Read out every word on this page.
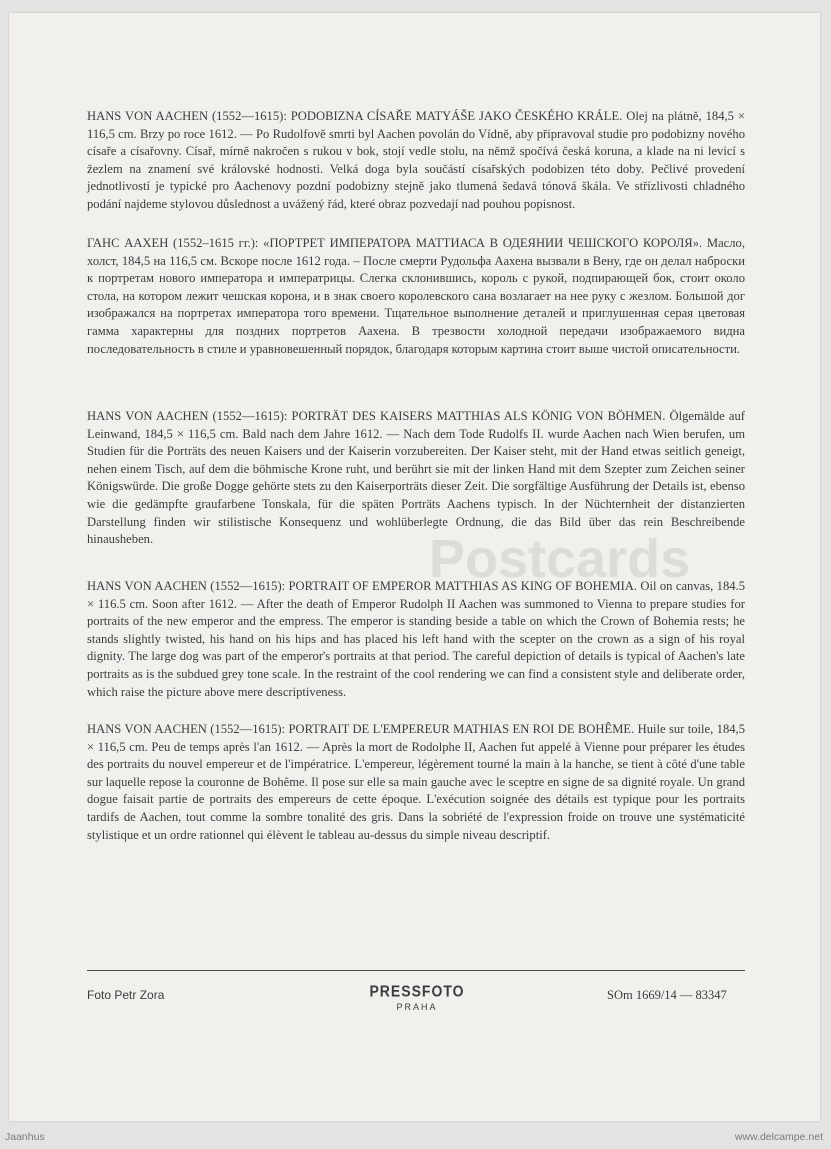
HANS VON AACHEN (1552—1615): PODOBIZNA CÍSAŘE MATYÁŠE JAKO ČESKÉHO KRÁLE. Olej na plátně, 184,5 × 116,5 cm. Brzy po roce 1612. — Po Rudolfově smrti byl Aachen povolán do Vídně, aby připravoval studie pro podobizny nového císaře a císařovny. Císař, mírně nakročen s rukou v bok, stojí vedle stolu, na němž spočívá česká koruna, a klade na ni levicí s žezlem na znamení své královské hodnosti. Velká doga byla součástí císařských podobizen této doby. Pečlivé provedení jednotlivostí je typické pro Aachenovy pozdní podobizny stejně jako tlumená šedavá tónová škála. Ve střízlivosti chladného podání najdeme stylovou důslednost a uvážený řád, které obraz pozvedají nad pouhou popisnost.

ГАНС ААХЕН (1552–1615 гг.): «ПОРТРЕТ ИМПЕРАТОРА МАТТИАСА В ОДЕЯНИИ ЧЕШСКОГО КОРОЛЯ». Масло, холст, 184,5 на 116,5 см. Вскоре после 1612 года. – После смерти Рудольфа Аахена вызвали в Вену, где он делал наброски к портретам нового императора и императрицы. Слегка склонившись, король с рукой, подпирающей бок, стоит около стола, на котором лежит чешская корона, и в знак своего королевского сана возлагает на нее руку с жезлом. Большой дог изображался на портретах императора того времени. Тщательное выполнение деталей и приглушенная серая цветовая гамма характерны для поздних портретов Аахена. В трезвости холодной передачи изображаемого видна последовательность в стиле и уравновешенный порядок, благодаря которым картина стоит выше чистой описательности.

HANS VON AACHEN (1552—1615): PORTRÄT DES KAISERS MATTHIAS ALS KÖNIG VON BÖHMEN. Ölgemälde auf Leinwand, 184,5 × 116,5 cm. Bald nach dem Jahre 1612. — Nach dem Tode Rudolfs II. wurde Aachen nach Wien berufen, um Studien für die Porträts des neuen Kaisers und der Kaiserin vorzubereiten. Der Kaiser steht, mit der Hand etwas seitlich geneigt, nehen einem Tisch, auf dem die böhmische Krone ruht, und berührt sie mit der linken Hand mit dem Szepter zum Zeichen seiner Königswürde. Die große Dogge gehörte stets zu den Kaiserporträts dieser Zeit. Die sorgfältige Ausführung der Details ist, ebenso wie die gedämpfte graufarbene Tonskala, für die späten Porträts Aachens typisch. In der Nüchternheit der distanzierten Darstellung finden wir stilistische Konsequenz und wohlüberlegte Ordnung, die das Bild über das rein Beschreibende hinausheben.

HANS VON AACHEN (1552—1615): PORTRAIT OF EMPEROR MATTHIAS AS KING OF BOHEMIA. Oil on canvas, 184.5 × 116.5 cm. Soon after 1612. — After the death of Emperor Rudolph II Aachen was summoned to Vienna to prepare studies for portraits of the new emperor and the empress. The emperor is standing beside a table on which the Crown of Bohemia rests; he stands slightly twisted, his hand on his hips and has placed his left hand with the scepter on the crown as a sign of his royal dignity. The large dog was part of the emperor's portraits at that period. The careful depiction of details is typical of Aachen's late portraits as is the subdued grey tone scale. In the restraint of the cool rendering we can find a consistent style and deliberate order, which raise the picture above mere descriptiveness.

HANS VON AACHEN (1552—1615): PORTRAIT DE L'EMPEREUR MATHIAS EN ROI DE BOHÊME. Huile sur toile, 184,5 × 116,5 cm. Peu de temps après l'an 1612. — Après la mort de Rodolphe II, Aachen fut appelé à Vienne pour préparer les études des portraits du nouvel empereur et de l'impératrice. L'empereur, légèrement tourné la main à la hanche, se tient à côté d'une table sur laquelle repose la couronne de Bohême. Il pose sur elle sa main gauche avec le sceptre en signe de sa dignité royale. Un grand dogue faisait partie de portraits des empereurs de cette époque. L'exécution soignée des détails est typique pour les portraits tardifs de Aachen, tout comme la sombre tonalité des gris. Dans la sobriété de l'expression froide on trouve une systématicité stylistique et un ordre rationnel qui élèvent le tableau au-dessus du simple niveau descriptif.

Postcards
Foto Petr Zora	PRESSFOTO
PRAHA
SOm 1669/14 — 83347
Jaanhus	www.delcampe.net
